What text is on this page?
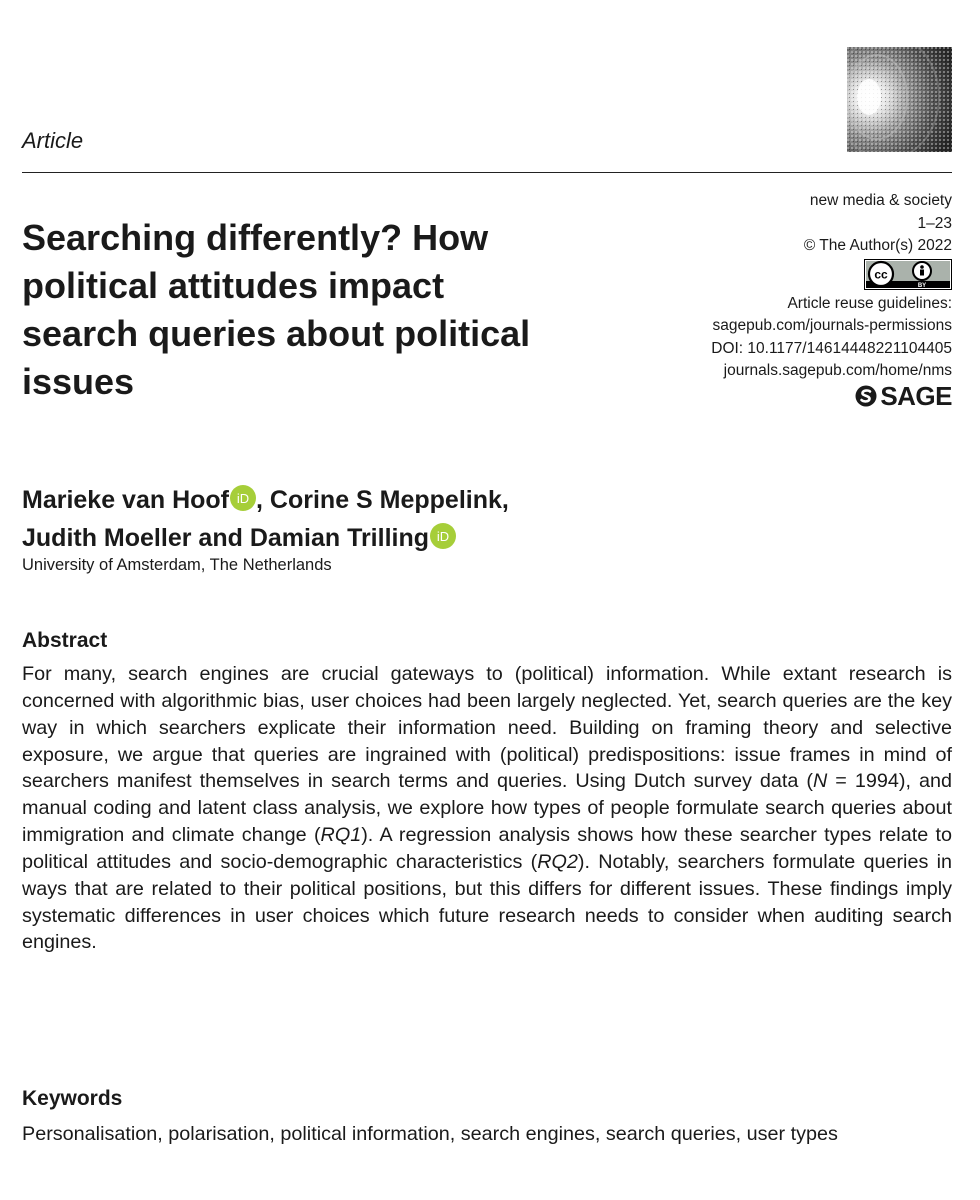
Article
Searching differently? How political attitudes impact search queries about political issues
new media & society
1–23
© The Author(s) 2022
cc
BY
Article reuse guidelines:
sagepub.com/journals-permissions
DOI: 10.1177/14614448221104405
journals.sagepub.com/home/nms
SAGE
Marieke van Hoof iD , Corine S Meppelink,
Judith Moeller and Damian Trilling iD
University of Amsterdam, The Netherlands
Abstract

For many, search engines are crucial gateways to (political) information. While extant research is concerned with algorithmic bias, user choices had been largely neglected. Yet, search queries are the key way in which searchers explicate their information need. Building on framing theory and selective exposure, we argue that queries are ingrained with (political) predispositions: issue frames in mind of searchers manifest themselves in search terms and queries. Using Dutch survey data (N = 1994), and manual coding and latent class analysis, we explore how types of people formulate search queries about immigration and climate change (RQ1). A regression analysis shows how these searcher types relate to political attitudes and socio-demographic characteristics (RQ2). Notably, searchers formulate queries in ways that are related to their political positions, but this differs for different issues. These findings imply systematic differences in user choices which future research needs to consider when auditing search engines.

Keywords

Personalisation, polarisation, political information, search engines, search queries, user types
